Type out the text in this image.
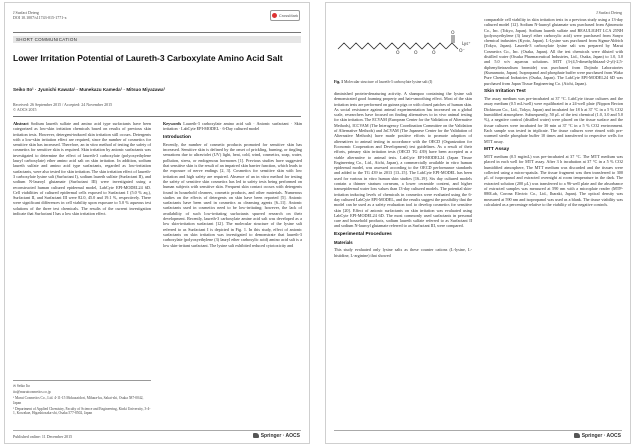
J Surfact Deterg
DOI 10.1007/s11743-015-1771-x	CrossMark
SHORT COMMUNICATION
Lower Irritation Potential of Laureth-3 Carboxylate Amino Acid Salt
Seiko Ito¹ · Jyunichi Kawata¹ · Munekazu Kameda¹ · Mitsuo Miyazawa²
Received: 26 September 2015 / Accepted: 24 November 2015
© AOCS 2015

Abstract Sodium laureth sulfate and amino acid type surfactants have been categorized as low-skin irritation chemicals based on results of previous skin irritation tests. However, detergent-induced skin irritation still occurs. Detergents with a low-skin irritation effect are required, since the number of cosmetics for sensitive skin has increased. Therefore, an in vitro method of testing the safety of cosmetics for sensitive skin is required. Skin irritation by anionic surfactants was investigated to determine the effect of laureth-3 carboxylate (polyoxyethylene lauryl carboxylate) ether amino acid salt on skin irritation. In addition, sodium laureth sulfate and amino acid type surfactants, regarded as low-irritation surfactants, were also tested for skin irritation. The skin irritation effect of laureth-3 carboxylate lysine salt (Surfactant I), sodium laureth sulfate (Surfactant II), and sodium N-lauroyl glutamate (Surfactant III) were investigated using a reconstructed human cultured epidermal model, LabCyte EPI-MODEL24 6D. Cell viabilities of cultured epidermal cells exposed to Surfactant I (5.0 % aq.), Surfactant II, and Surfactant III were 82.0, 45.0 and 19.1 %, respectively. There were significant differences in cell viability upon exposure to 5.0 % aqueous test solutions of the three test chemicals. The results of the current investigation indicate that Surfactant I has a low skin irritation effect.

Keywords Laureth-3 carboxylate amino acid salt · Anionic surfactant · Skin irritation · LabCyte EPI-MODEL · 6-Day cultured model

Introduction

Recently, the number of cosmetic products promoted for sensitive skin has increased. Sensitive skin is defined by the onset of prickling, burning, or tingling sensations due to ultraviolet (UV) light, heat, cold, wind, cosmetics, soap, water, pollution, stress, or endogenous hormones [1]. Previous studies have suggested that sensitive skin is the result of an impaired skin barrier function, which leads to the exposure of nerve endings [2, 3]. Cosmetics for sensitive skin with low irritation and high safety are required. Absence of an in vitro method for testing the safety of sensitive skin cosmetics has led to safety tests being performed on human subjects with sensitive skin. Frequent skin contact occurs with detergents found in household cleaners, cosmetic products, and other materials. Numerous studies on the effects of detergents on skin have been reported [5]. Anionic surfactants have been used in cosmetics as cleansing agents [6–11]. Anionic surfactants used in cosmetics need to be low-irritating; however, the lack of availability of such low-irritating surfactants spurred research on their development. Recently, laureth-3 carboxylate amine acid salt was developed as a low skin-irritation surfactant [12]. The molecular structure of the lysine salt referred to as Surfactant I is depicted in Fig. 1. In this study, effect of anionic surfactants on skin irritation was investigated to demonstrate that laureth-3 carboxylate (polyoxyethylene (3) lauryl ether carboxylic acid) amino acid salt is a low skin-irritant surfactant. The lysine salt exhibited reduced cytotoxicity and

✉ Seiko Ito

ito@maruicosmetics.co.jp

¹ Marui Cosmetics Co., Ltd. 4-11-15 Mokuzaidori, Mihara-ku, Sakai-shi, Osaka 587-0042, Japan

² Department of Applied Chemistry, Faculty of Science and Engineering, Kinki University, 3-4-1, Kowakae, Higashiosaka-shi, Osaka 577-8502, Japan

Published online: 11 December 2015	Springer · AOCS
J Surfact Deterg
O	O	O
O
O⁻
Lys⁺
Fig. 1 Molecular structure of laureth-3 carboxylate lysine salt (I)

diminished protein-denaturing activity. A shampoo containing the lysine salt demonstrated good foaming property and hair-smoothing effect. Most of the skin irritation tests are performed on guinea pigs or with closed patches of human skin. As social resistance against animal experimentation has increased on a global scale, researchers have focused on finding alternatives to in vivo animal testing for skin irritation. The ECVAM (European Center for the Validation of Alternative Methods), ICCVAM (The Interagency Coordination Committee on the Validation of Alternative Methods) and JaCVAM (The Japanese Center for the Validation of Alternative Methods) have made positive efforts to promote adoption of alternatives to animal testing in accordance with the OECD (Organization for Economic Cooperation and Development) test guidelines. As a result of their efforts, primary skin irritation tests (OECD TG 439) have been accepted as a viable alternative to animal tests. LabCyte EPI-MODEL24 (Japan Tissue Engineering Co., Ltd., Aichi, Japan), a commercially available in vitro human epidermal model, was assessed according to the OECD performance standards and added to the TG 439 in 2013 [13–15]. The LabCyte EPI-MODEL has been used for various in vitro human skin studies [16–19]. Six day cultured models contain a thinner stratum corneum, a lower ceramide content, and higher transepidermal water loss values than 13-day cultured models. The potential skin-irritation inducing levels of chemicals in cosmetics were evaluated using the 6-day cultured LabCyte EPI-MODEL, and the results suggest the possibility that the model can be used as a safety evaluation tool to develop cosmetics for sensitive skin [20]. Effect of anionic surfactants on skin irritation was evaluated using LabCyte EPI-MODEL24 6D. The most commonly used surfactants in personal care and household products, sodium laureth sulfate referred to as Surfactant II and sodium N-lauroyl glutamate referred to as Surfactant III, were compared.

Experimental Procedures
Materials

This study evaluated only lysine salts as these counter cations (L-lysine, L-histidine, L-arginine) that showed

comparable cell viability in skin irritation tests in a previous study using a 13-day cultured model [12]. Sodium N-lauroyl glutamate was purchased from Ajinomoto Co., Inc. (Tokyo, Japan). Sodium laureth sulfate and BEAULIGHT LCA 25NH (polyoxyethylene (3) lauryl ether carboxylic acid) were purchased from Sanyo chemical industries (Kyoto, Japan). L-Lysine was purchased from Sigma-Aldrich (Tokyo, Japan). Laureth-3 carboxylate lysine salt was prepared by Marui Cosmetics Co., Inc. (Osaka, Japan). All the test chemicals were diluted with distilled water (Otsuka Pharmaceutical Industries, Ltd., Osaka, Japan) to 1.0, 3.0 and 5.0 w/v aqueous solutions. MTT (3-(4,5-dimethylthiazol-2-yl)-2,5-diphenyltetrazolium bromide) was purchased from Dojindo Laboratories (Kumamoto, Japan). Isopropanol and phosphate buffer were purchased from Wako Pure Chemical Industries (Osaka, Japan). The LabCyte EPI-MODEL24 6D was purchased from Japan Tissue Engineering Co. (Aichi, Japan).

Skin Irritation Test

The assay medium was pre-incubated at 37 °C. LabCyte tissue cultures and the assay medium (0.5 mL/well) were equilibrated in a 24-well plate (Nippon Becton Dickinson Co., Ltd., Tokyo, Japan) and incubated for 18 h at 37 °C in a 5 % CO2 humidified atmosphere. Subsequently, 50 μL of the test chemical (1.0, 3.0 and 5.0 %), a negative control (distilled water) were placed on the tissue surface and the tissue cultures were incubated for 30 min at 37 °C in a 5 % CO2 environment. Each sample was tested in triplicate. The tissue cultures were rinsed with pre-warmed sterile phosphate buffer 10 times and transferred to respective wells for MTT assay.

MTT Assay

MTT medium (0.5 mg/mL) was pre-incubated at 37 °C. The MTT medium was placed in each well for MTT assay. After 3 h incubation at 37 °C in a 5 % CO2 humidified atmosphere, The MTT medium was discarded and the tissues were collected using a micro-spatula. The tissue fragment was then transferred to 300 μL of isopropanol and extracted overnight at room temperature in the dark. The extracted solution (200 μL) was transferred to a 96-well plate and the absorbance of extracted samples was measured at 590 nm with a microplate reader (MTP-880Lab, Corona Electric Co., Ltd., Ibaraki, Japan). The optical density was measured at 590 nm and isopropanol was used as a blank. The tissue viability was calculated as a percentage relative to the viability of the negative controls.

Springer · AOCS
